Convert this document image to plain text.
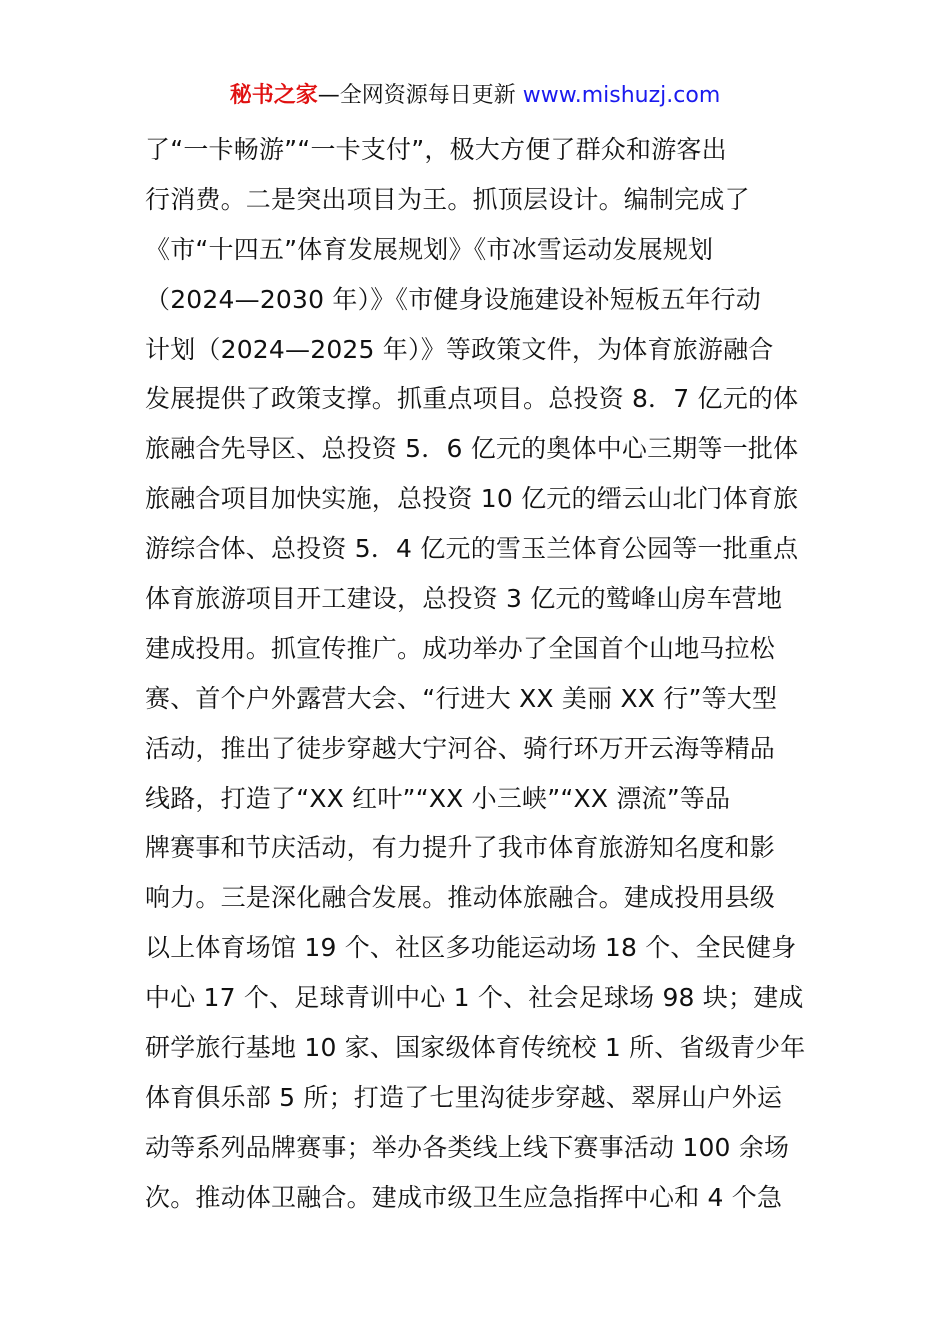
秘书之家—全网资源每日更新 www.mishuzj.com
了“一卡畅游”“一卡支付”，极大方便了群众和游客出
行消费。二是突出项目为王。抓顶层设计。编制完成了
《市“十四五”体育发展规划》《市冰雪运动发展规划
（2024—2030 年）》《市健身设施建设补短板五年行动
计划（2024—2025 年）》等政策文件，为体育旅游融合
发展提供了政策支撑。抓重点项目。总投资 8．7 亿元的体
旅融合先导区、总投资 5．6 亿元的奥体中心三期等一批体
旅融合项目加快实施，总投资 10 亿元的缙云山北门体育旅
游综合体、总投资 5．4 亿元的雪玉兰体育公园等一批重点
体育旅游项目开工建设，总投资 3 亿元的鹫峰山房车营地
建成投用。抓宣传推广。成功举办了全国首个山地马拉松
赛、首个户外露营大会、“行进大 XX 美丽 XX 行”等大型
活动，推出了徒步穿越大宁河谷、骑行环万开云海等精品
线路，打造了“XX 红叶”“XX 小三峡”“XX 漂流”等品
牌赛事和节庆活动，有力提升了我市体育旅游知名度和影
响力。三是深化融合发展。推动体旅融合。建成投用县级
以上体育场馆 19 个、社区多功能运动场 18 个、全民健身
中心 17 个、足球青训中心 1 个、社会足球场 98 块；建成
研学旅行基地 10 家、国家级体育传统校 1 所、省级青少年
体育俱乐部 5 所；打造了七里沟徒步穿越、翠屏山户外运
动等系列品牌赛事；举办各类线上线下赛事活动 100 余场
次。推动体卫融合。建成市级卫生应急指挥中心和 4 个急
